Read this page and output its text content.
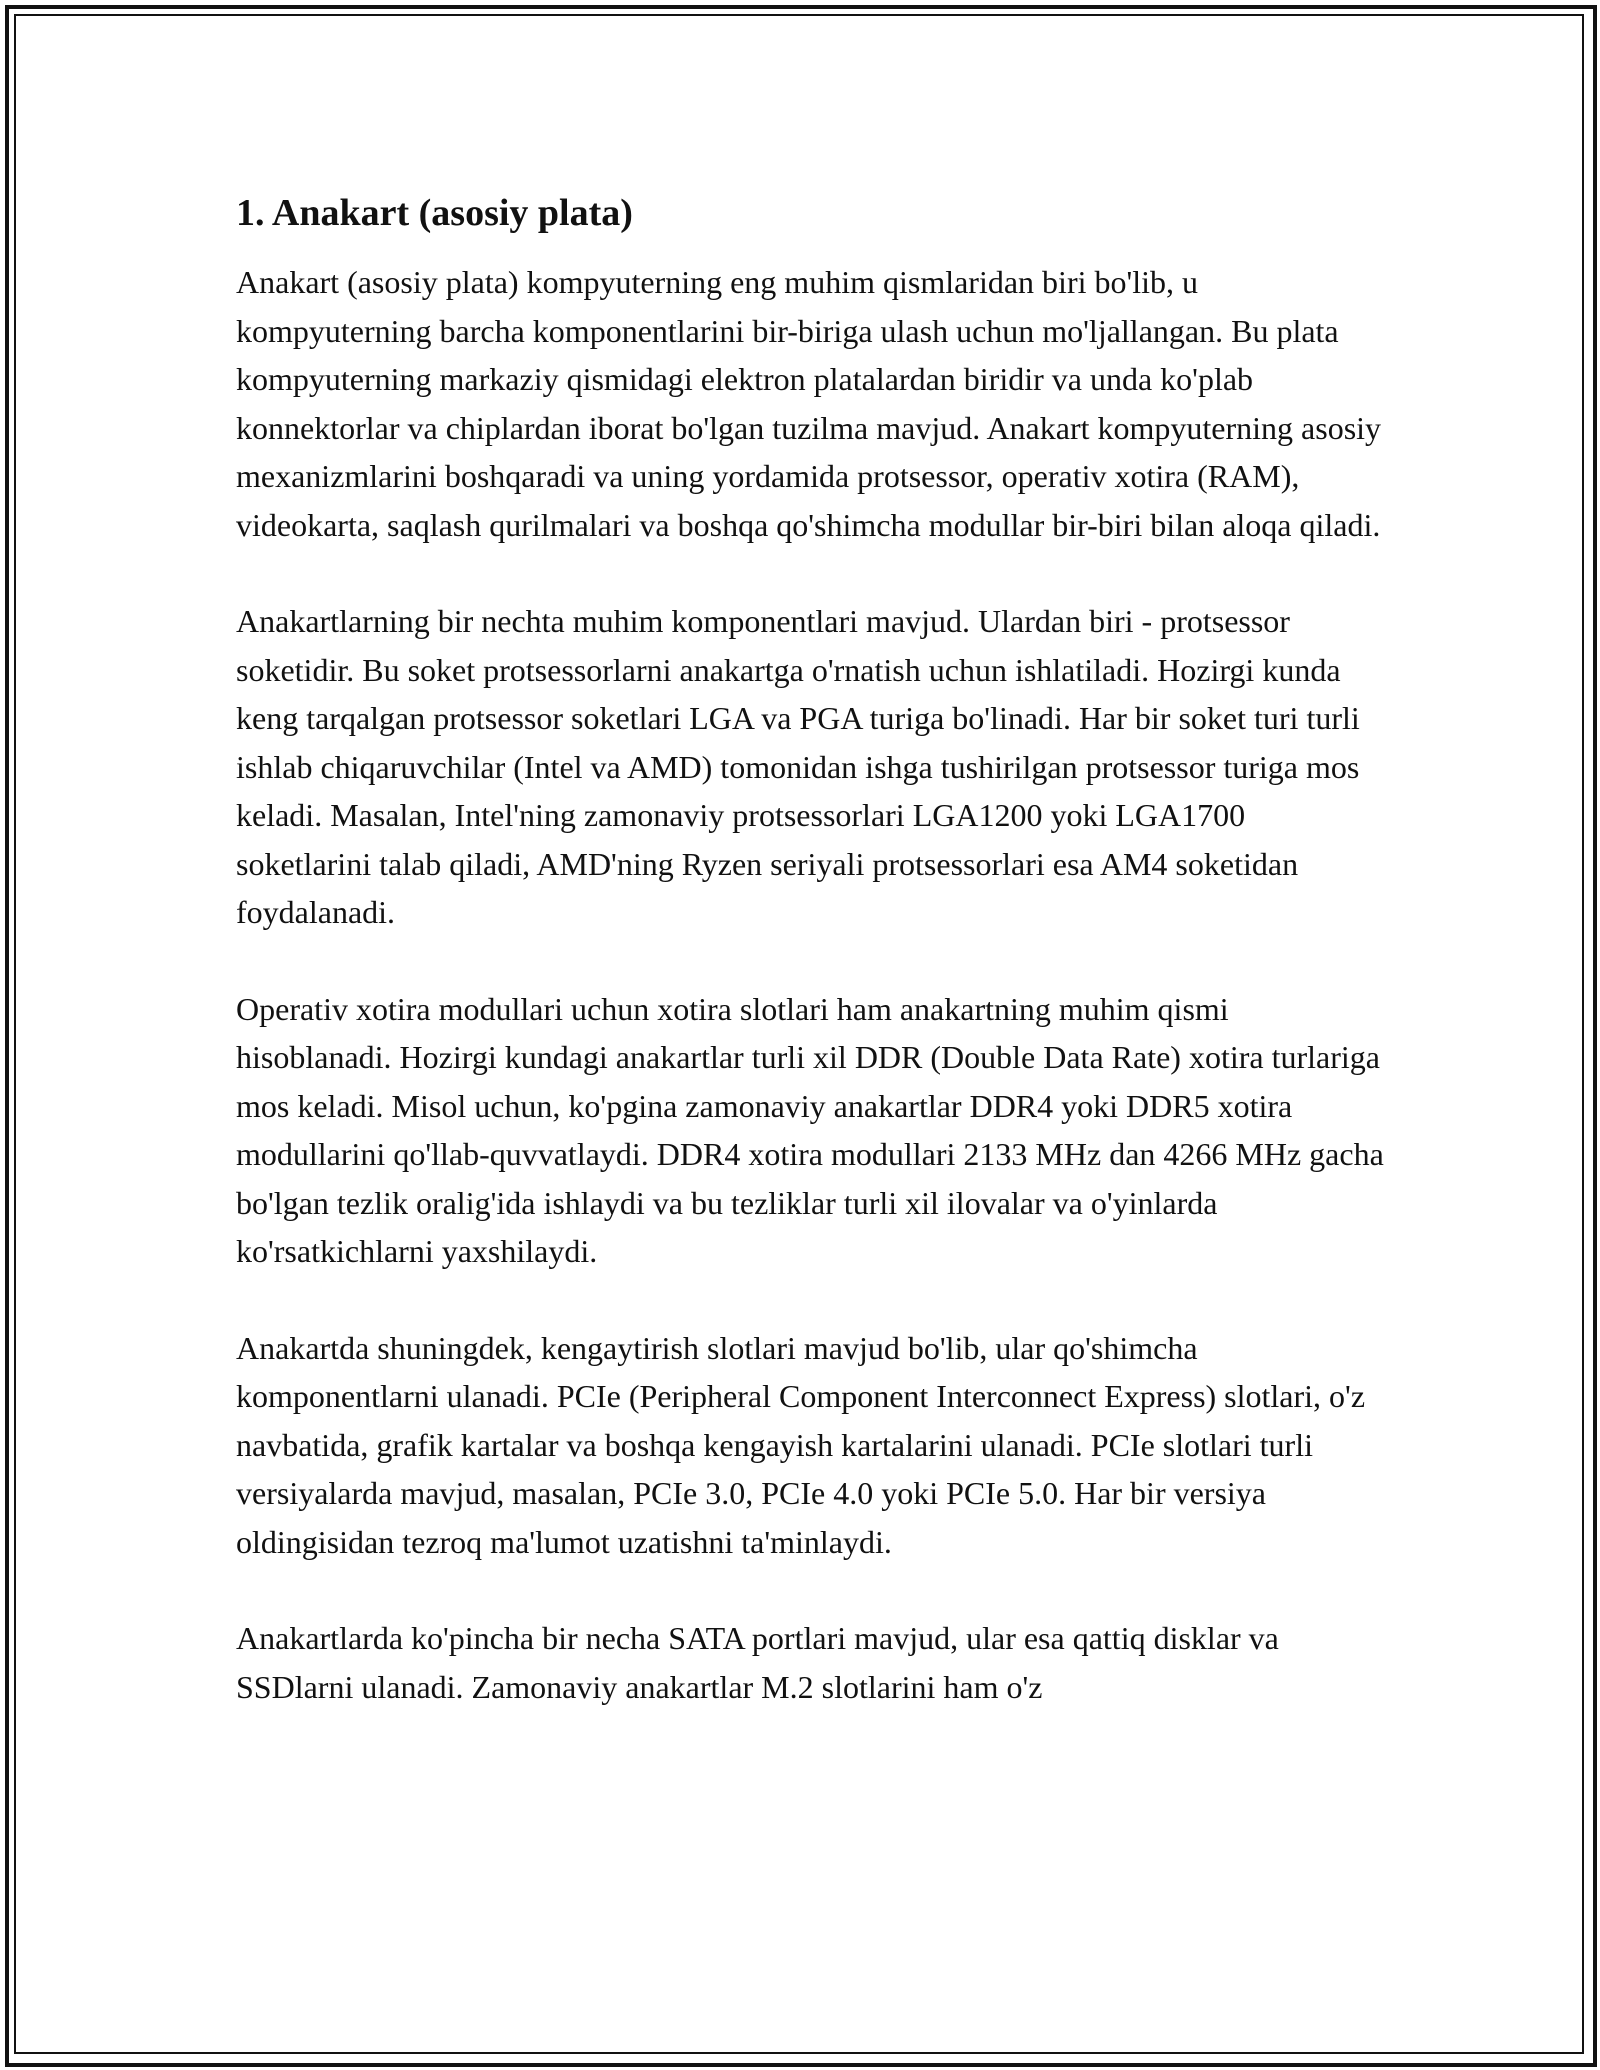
1. Anakart (asosiy plata)

Anakart (asosiy plata) kompyuterning eng muhim qismlaridan biri bo'lib, u kompyuterning barcha komponentlarini bir-biriga ulash uchun mo'ljallangan. Bu plata kompyuterning markaziy qismidagi elektron platalardan biridir va unda ko'plab konnektorlar va chiplardan iborat bo'lgan tuzilma mavjud. Anakart kompyuterning asosiy mexanizmlarini boshqaradi va uning yordamida protsessor, operativ xotira (RAM), videokarta, saqlash qurilmalari va boshqa qo'shimcha modullar bir-biri bilan aloqa qiladi.

Anakartlarning bir nechta muhim komponentlari mavjud. Ulardan biri - protsessor soketidir. Bu soket protsessorlarni anakartga o'rnatish uchun ishlatiladi. Hozirgi kunda keng tarqalgan protsessor soketlari LGA va PGA turiga bo'linadi. Har bir soket turi turli ishlab chiqaruvchilar (Intel va AMD) tomonidan ishga tushirilgan protsessor turiga mos keladi. Masalan, Intel'ning zamonaviy protsessorlari LGA1200 yoki LGA1700 soketlarini talab qiladi, AMD'ning Ryzen seriyali protsessorlari esa AM4 soketidan foydalanadi.

Operativ xotira modullari uchun xotira slotlari ham anakartning muhim qismi hisoblanadi. Hozirgi kundagi anakartlar turli xil DDR (Double Data Rate) xotira turlariga mos keladi. Misol uchun, ko'pgina zamonaviy anakartlar DDR4 yoki DDR5 xotira modullarini qo'llab-quvvatlaydi. DDR4 xotira modullari 2133 MHz dan 4266 MHz gacha bo'lgan tezlik oralig'ida ishlaydi va bu tezliklar turli xil ilovalar va o'yinlarda ko'rsatkichlarni yaxshilaydi.

Anakartda shuningdek, kengaytirish slotlari mavjud bo'lib, ular qo'shimcha komponentlarni ulanadi. PCIe (Peripheral Component Interconnect Express) slotlari, o'z navbatida, grafik kartalar va boshqa kengayish kartalarini ulanadi. PCIe slotlari turli versiyalarda mavjud, masalan, PCIe 3.0, PCIe 4.0 yoki PCIe 5.0. Har bir versiya oldingisidan tezroq ma'lumot uzatishni ta'minlaydi.

Anakartlarda ko'pincha bir necha SATA portlari mavjud, ular esa qattiq disklar va SSDlarni ulanadi. Zamonaviy anakartlar M.2 slotlarini ham o'z
